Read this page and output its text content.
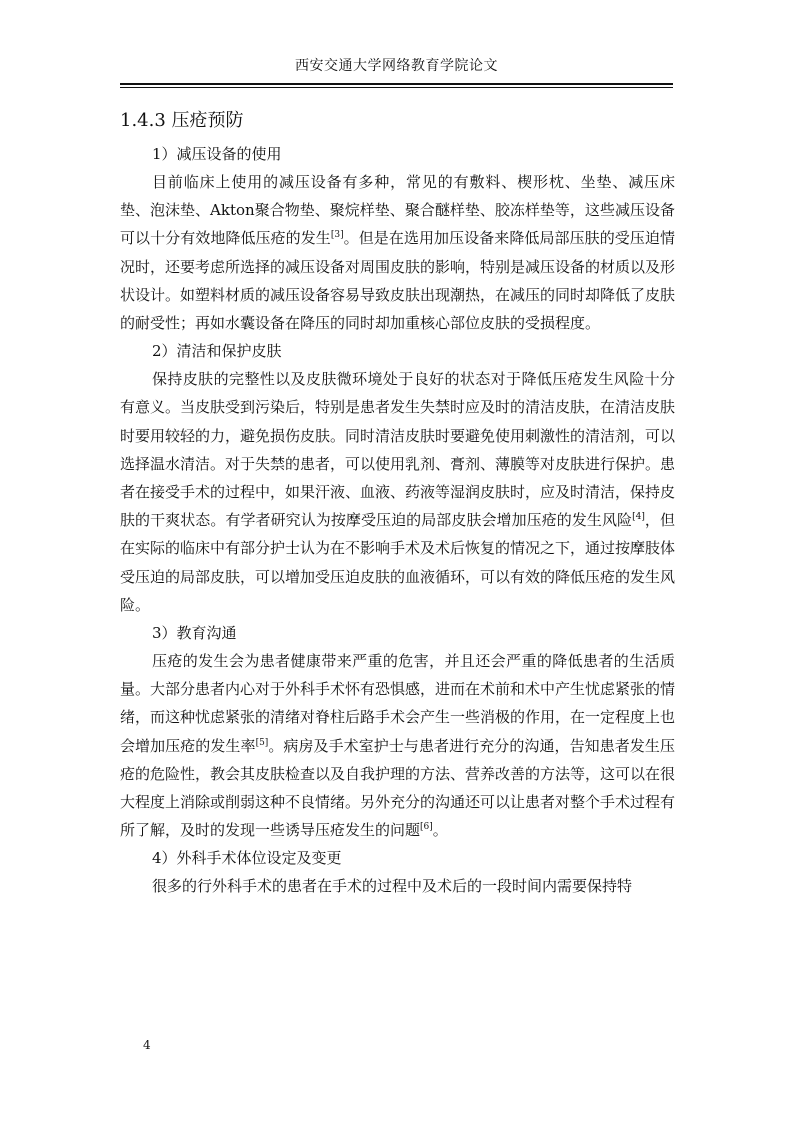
西安交通大学网络教育学院论文
1.4.3 压疮预防

1）减压设备的使用

目前临床上使用的减压设备有多种，常见的有敷料、楔形枕、坐垫、减压床垫、泡沫垫、Akton聚合物垫、聚烷样垫、聚合醚样垫、胶冻样垫等，这些减压设备可以十分有效地降低压疮的发生[3]。但是在选用加压设备来降低局部压肤的受压迫情况时，还要考虑所选择的减压设备对周围皮肤的影响，特别是减压设备的材质以及形状设计。如塑料材质的减压设备容易导致皮肤出现潮热，在减压的同时却降低了皮肤的耐受性；再如水囊设备在降压的同时却加重核心部位皮肤的受损程度。

2）清洁和保护皮肤

保持皮肤的完整性以及皮肤微环境处于良好的状态对于降低压疮发生风险十分有意义。当皮肤受到污染后，特别是患者发生失禁时应及时的清洁皮肤，在清洁皮肤时要用较轻的力，避免损伤皮肤。同时清洁皮肤时要避免使用刺激性的清洁剂，可以选择温水清洁。对于失禁的患者，可以使用乳剂、膏剂、薄膜等对皮肤进行保护。患者在接受手术的过程中，如果汗液、血液、药液等湿润皮肤时，应及时清洁，保持皮肤的干爽状态。有学者研究认为按摩受压迫的局部皮肤会增加压疮的发生风险[4]，但在实际的临床中有部分护士认为在不影响手术及术后恢复的情况之下，通过按摩肢体受压迫的局部皮肤，可以增加受压迫皮肤的血液循环，可以有效的降低压疮的发生风险。

3）教育沟通

压疮的发生会为患者健康带来严重的危害，并且还会严重的降低患者的生活质量。大部分患者内心对于外科手术怀有恐惧感，进而在术前和术中产生忧虑紧张的情绪，而这种忧虑紧张的清绪对脊柱后路手术会产生一些消极的作用，在一定程度上也会增加压疮的发生率[5]。病房及手术室护士与患者进行充分的沟通，告知患者发生压疮的危险性，教会其皮肤检查以及自我护理的方法、营养改善的方法等，这可以在很大程度上消除或削弱这种不良情绪。另外充分的沟通还可以让患者对整个手术过程有所了解，及时的发现一些诱导压疮发生的问题[6]。

4）外科手术体位设定及变更

很多的行外科手术的患者在手术的过程中及术后的一段时间内需要保持特

4
